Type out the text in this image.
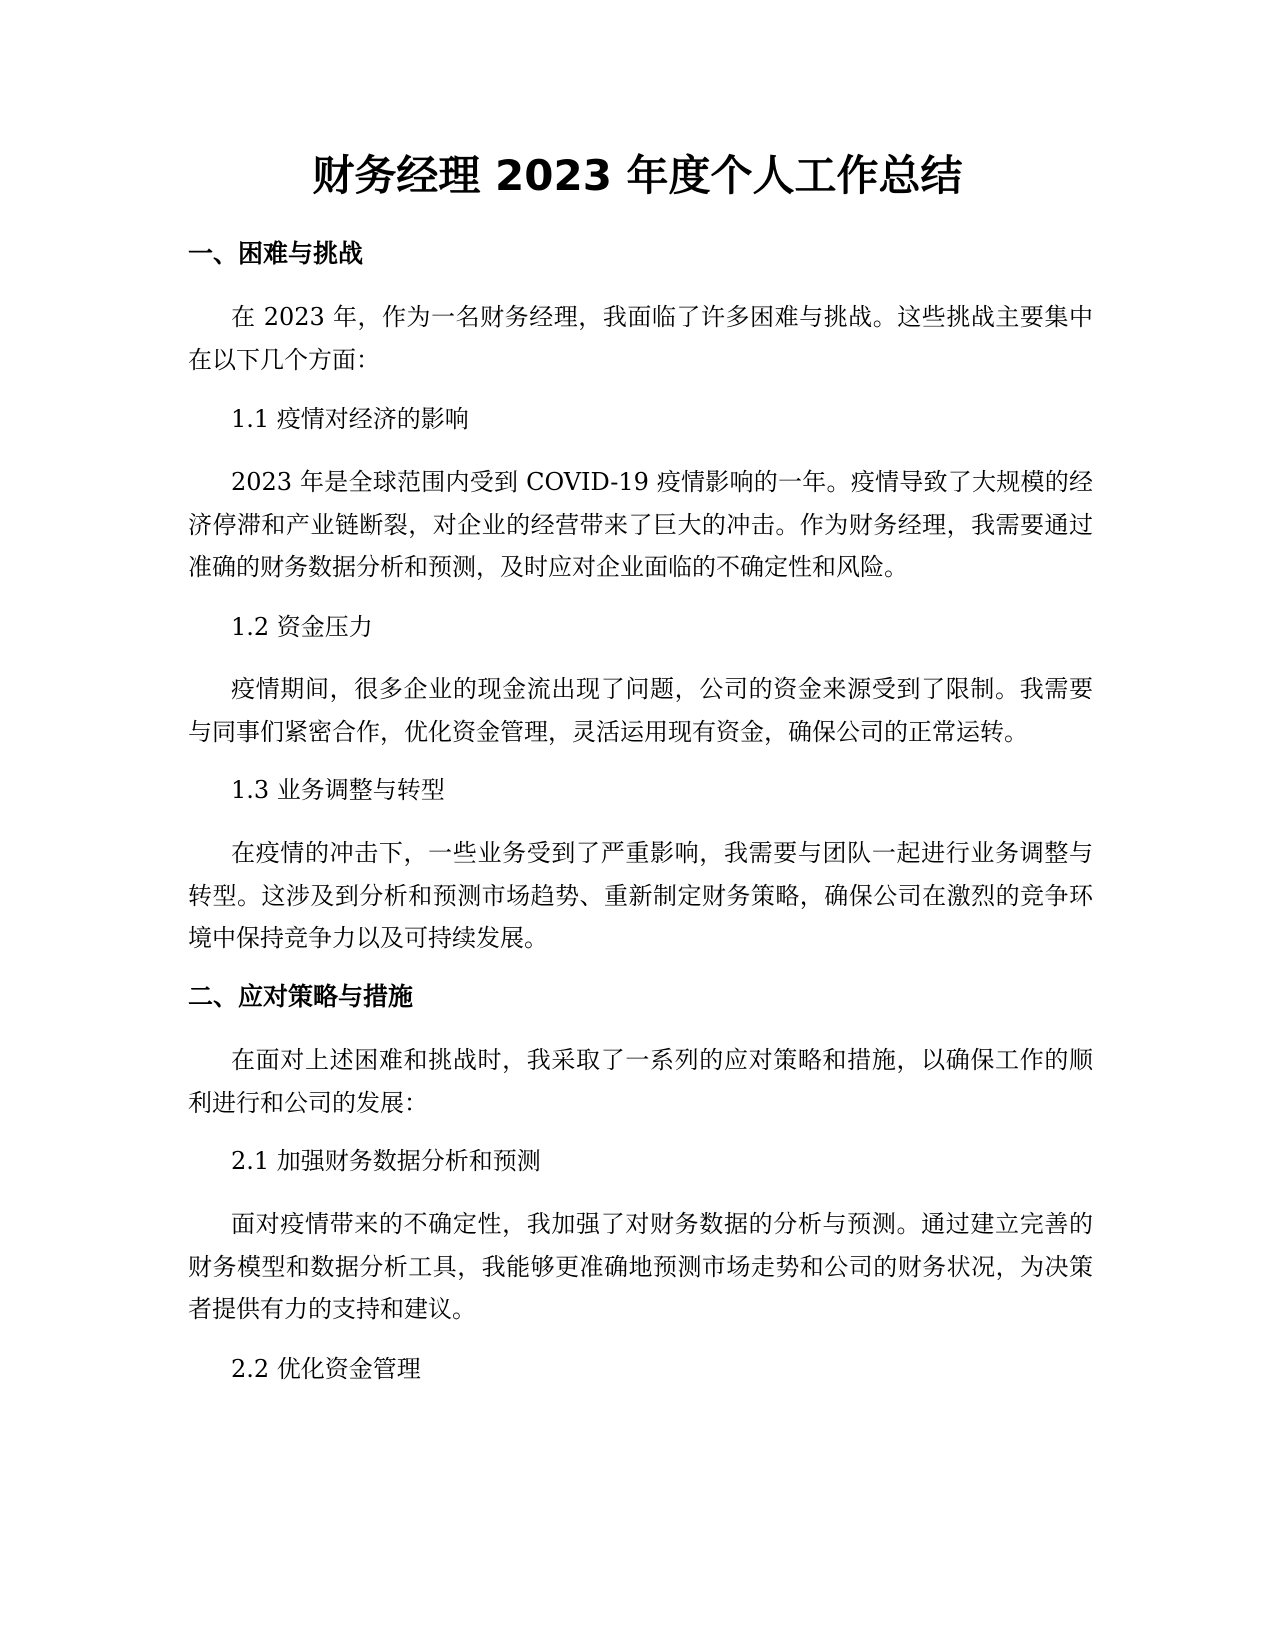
财务经理 2023 年度个人工作总结
一、困难与挑战
在 2023 年，作为一名财务经理，我面临了许多困难与挑战。这些挑战主要集中在以下几个方面：
1.1 疫情对经济的影响
2023 年是全球范围内受到 COVID-19 疫情影响的一年。疫情导致了大规模的经济停滞和产业链断裂，对企业的经营带来了巨大的冲击。作为财务经理，我需要通过准确的财务数据分析和预测，及时应对企业面临的不确定性和风险。
1.2 资金压力
疫情期间，很多企业的现金流出现了问题，公司的资金来源受到了限制。我需要与同事们紧密合作，优化资金管理，灵活运用现有资金，确保公司的正常运转。
1.3 业务调整与转型
在疫情的冲击下，一些业务受到了严重影响，我需要与团队一起进行业务调整与转型。这涉及到分析和预测市场趋势、重新制定财务策略，确保公司在激烈的竞争环境中保持竞争力以及可持续发展。
二、应对策略与措施
在面对上述困难和挑战时，我采取了一系列的应对策略和措施，以确保工作的顺利进行和公司的发展：
2.1 加强财务数据分析和预测
面对疫情带来的不确定性，我加强了对财务数据的分析与预测。通过建立完善的财务模型和数据分析工具，我能够更准确地预测市场走势和公司的财务状况，为决策者提供有力的支持和建议。
2.2 优化资金管理
